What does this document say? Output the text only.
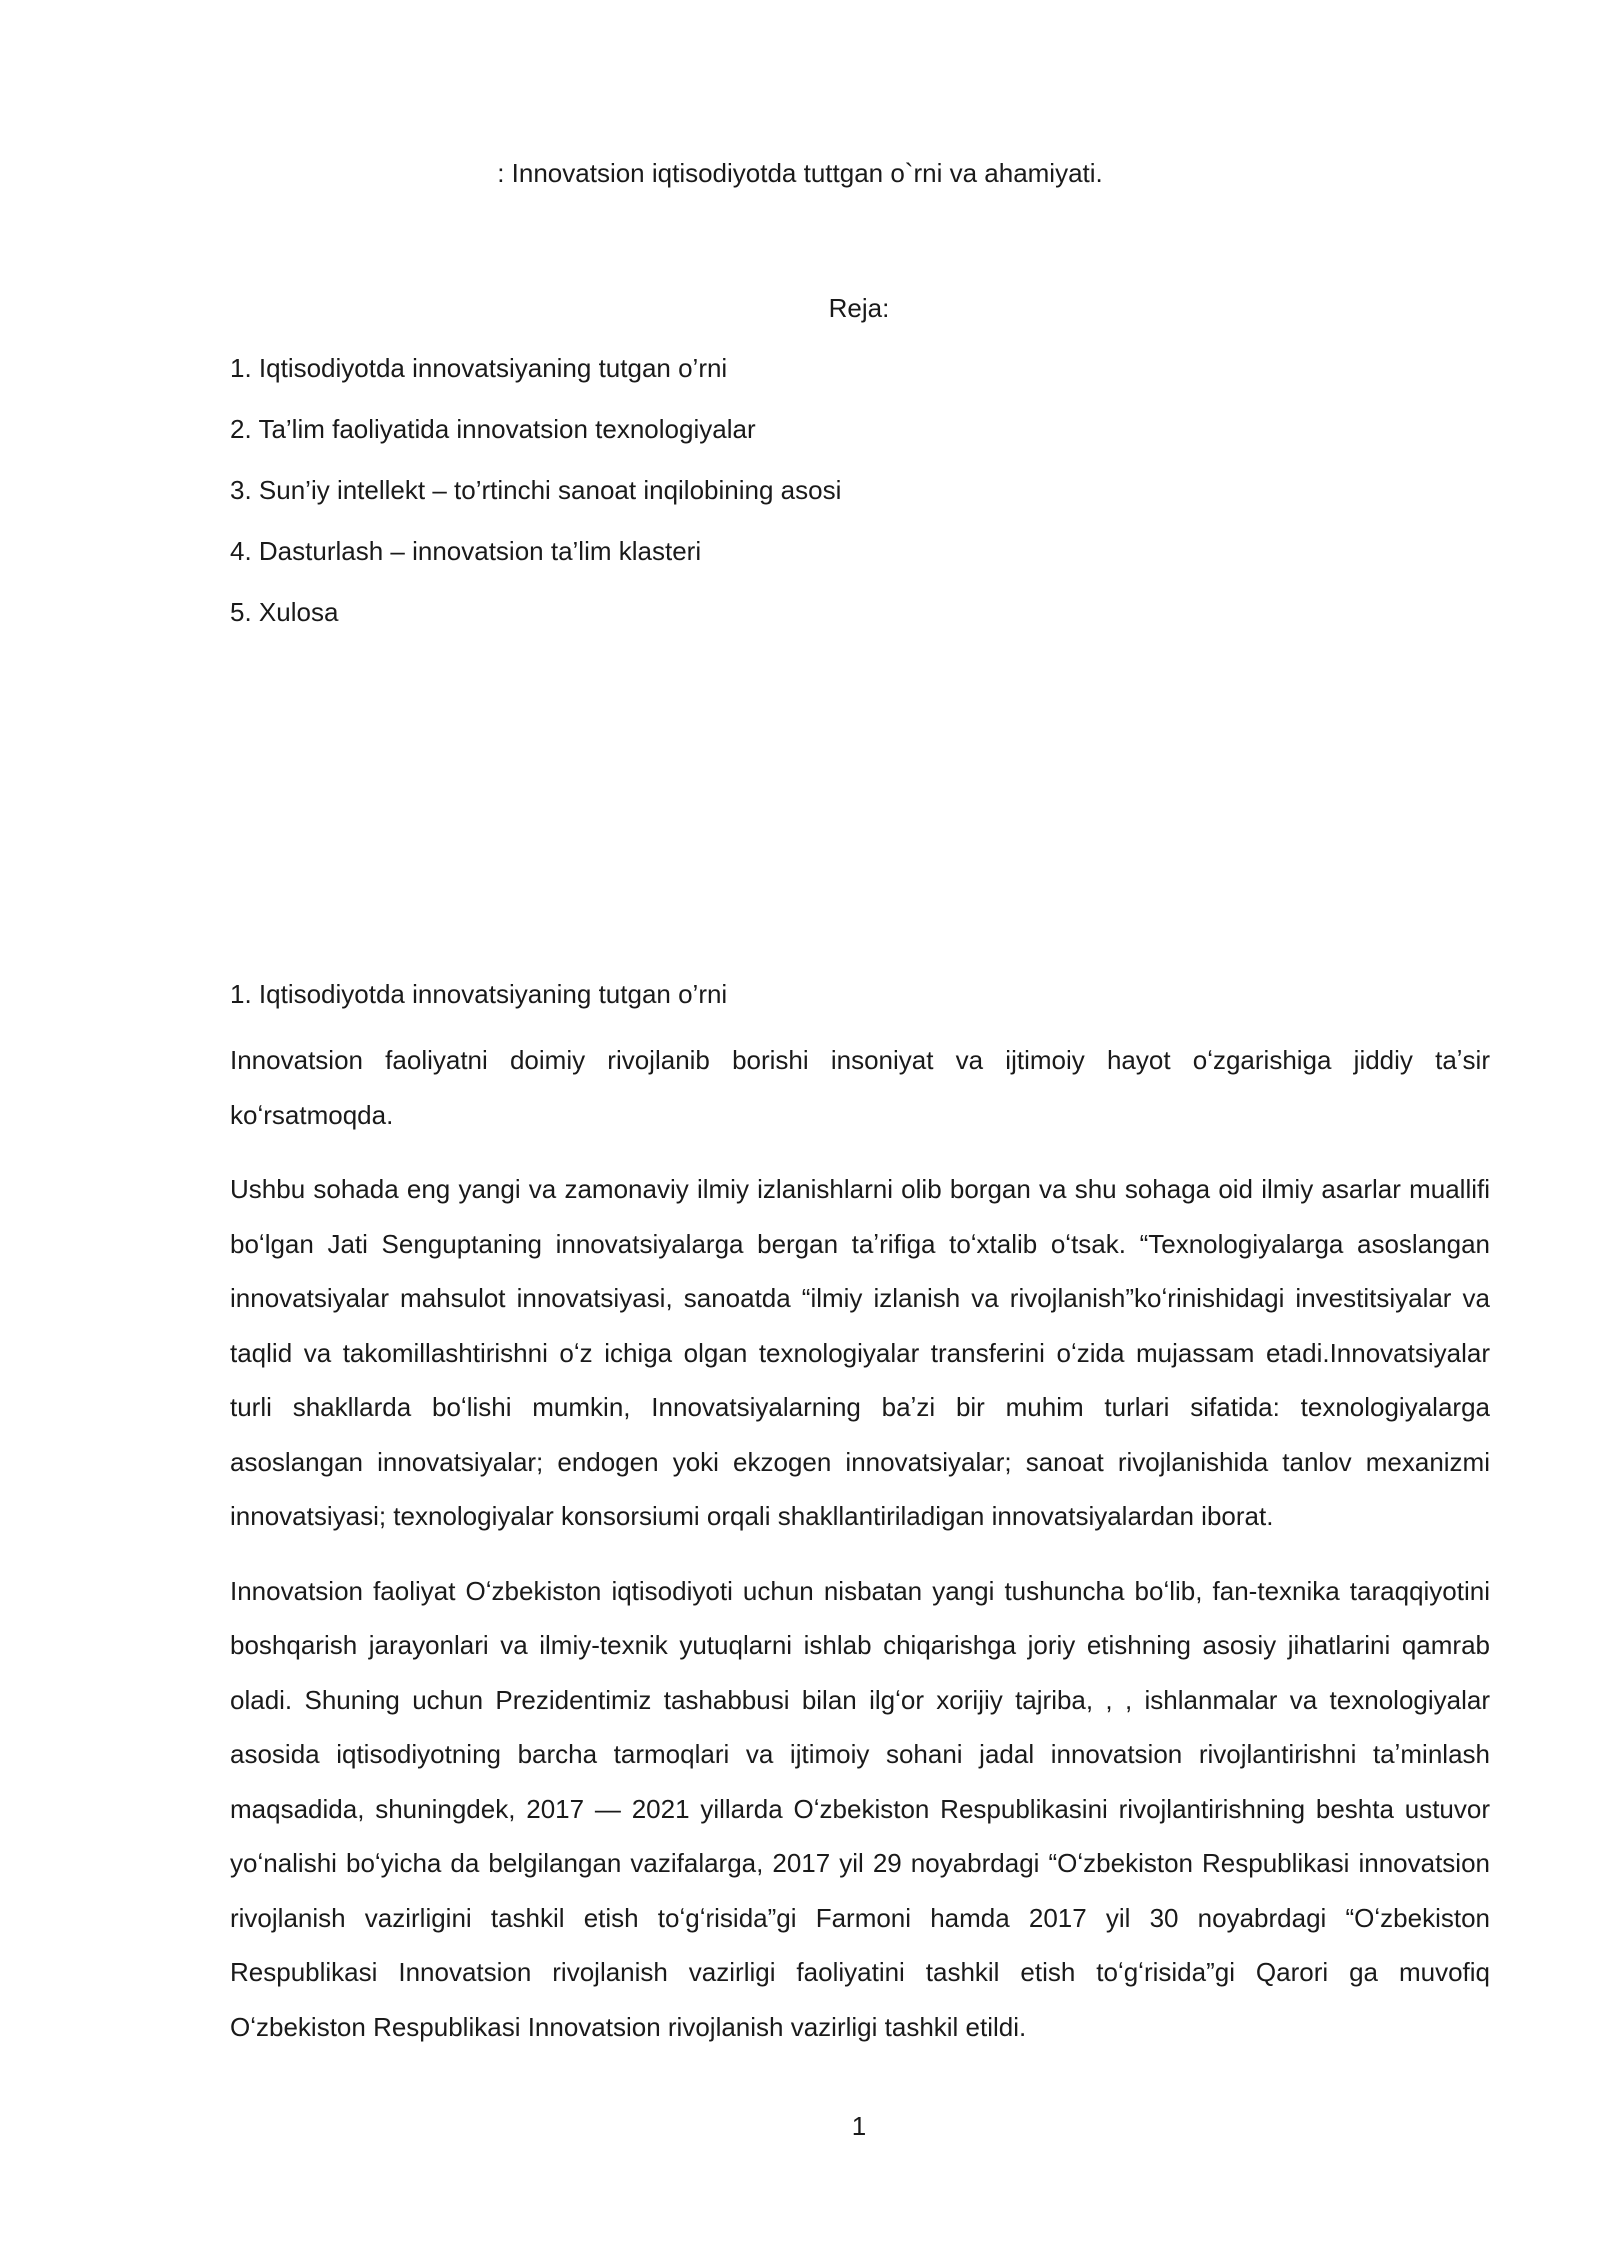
: Innovatsion iqtisodiyotda tuttgan o`rni va ahamiyati.
Reja:
1. Iqtisodiyotda innovatsiyaning tutgan o’rni
2. Ta’lim faoliyatida innovatsion texnologiyalar
3. Sun’iy intellekt – to’rtinchi sanoat inqilobining asosi
4. Dasturlash – innovatsion ta’lim klasteri
5. Xulosa
1. Iqtisodiyotda innovatsiyaning tutgan o’rni

Innovatsion faoliyatni doimiy rivojlanib borishi insoniyat va ijtimoiy hayot oʻzgarishiga jiddiy taʼsir koʻrsatmoqda.

Ushbu sohada eng yangi va zamonaviy ilmiy izlanishlarni olib borgan va shu sohaga oid ilmiy asarlar muallifi boʻlgan Jati Senguptaning innovatsiyalarga bergan taʼrifiga toʻxtalib oʻtsak. “Texnologiyalarga asoslangan innovatsiyalar mahsulot innovatsiyasi, sanoatda “ilmiy izlanish va rivojlanish”koʻrinishidagi investitsiyalar va taqlid va takomillashtirishni oʻz ichiga olgan texnologiyalar transferini oʻzida mujassam etadi.Innovatsiyalar turli shakllarda boʻlishi mumkin, Innovatsiyalarning baʼzi bir muhim turlari sifatida: texnologiyalarga asoslangan innovatsiyalar; endogen yoki ekzogen innovatsiyalar; sanoat rivojlanishida tanlov mexanizmi innovatsiyasi; texnologiyalar konsorsiumi orqali shakllantiriladigan innovatsiyalardan iborat.

Innovatsion faoliyat Oʻzbekiston iqtisodiyoti uchun nisbatan yangi tushuncha boʻlib, fan-texnika taraqqiyotini boshqarish jarayonlari va ilmiy-texnik yutuqlarni ishlab chiqarishga joriy etishning asosiy jihatlarini qamrab oladi. Shuning uchun Prezidentimiz tashabbusi bilan ilgʻor xorijiy tajriba, , , ishlanmalar va texnologiyalar asosida iqtisodiyotning barcha tarmoqlari va ijtimoiy sohani jadal innovatsion rivojlantirishni taʼminlash maqsadida, shuningdek, 2017 — 2021 yillarda Oʻzbekiston Respublikasini rivojlantirishning beshta ustuvor yoʻnalishi boʻyicha da belgilangan vazifalarga, 2017 yil 29 noyabrdagi “Oʻzbekiston Respublikasi innovatsion rivojlanish vazirligini tashkil etish toʻgʻrisida”gi Farmoni hamda 2017 yil 30 noyabrdagi “Oʻzbekiston Respublikasi Innovatsion rivojlanish vazirligi faoliyatini tashkil etish toʻgʻrisida”gi Qarori ga muvofiq Oʻzbekiston Respublikasi Innovatsion rivojlanish vazirligi tashkil etildi.

1
